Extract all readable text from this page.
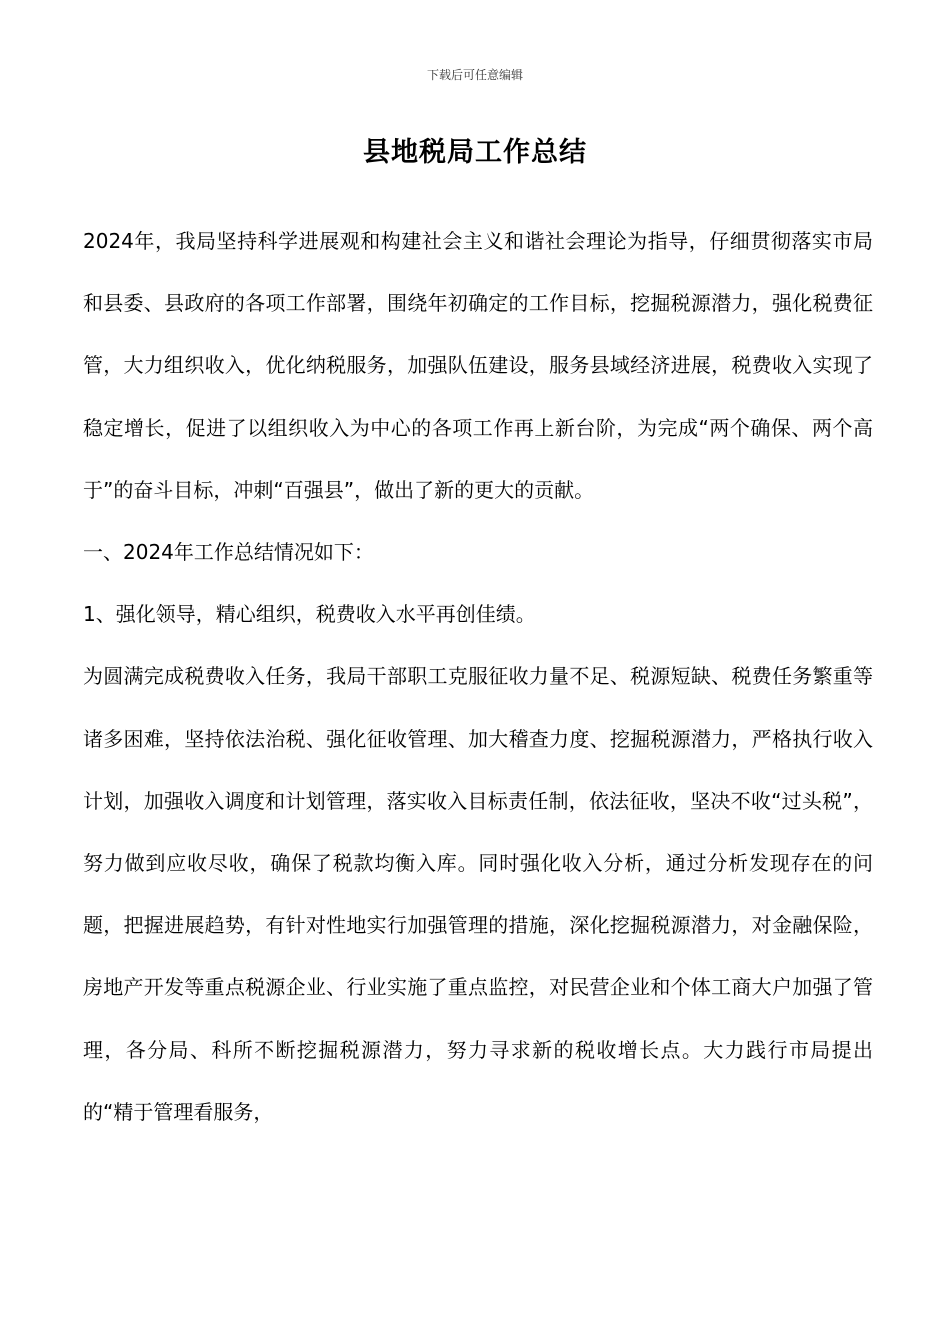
下载后可任意编辑
县地税局工作总结

2024年，我局坚持科学进展观和构建社会主义和谐社会理论为指导，仔细贯彻落实市局和县委、县政府的各项工作部署，围绕年初确定的工作目标，挖掘税源潜力，强化税费征管，大力组织收入，优化纳税服务，加强队伍建设，服务县域经济进展，税费收入实现了稳定增长，促进了以组织收入为中心的各项工作再上新台阶，为完成“两个确保、两个高于”的奋斗目标，冲刺“百强县”，做出了新的更大的贡献。

一、2024年工作总结情况如下：

1、强化领导，精心组织，税费收入水平再创佳绩。

为圆满完成税费收入任务，我局干部职工克服征收力量不足、税源短缺、税费任务繁重等诸多困难，坚持依法治税、强化征收管理、加大稽查力度、挖掘税源潜力，严格执行收入计划，加强收入调度和计划管理，落实收入目标责任制，依法征收，坚决不收“过头税”，努力做到应收尽收，确保了税款均衡入库。同时强化收入分析，通过分析发现存在的问题，把握进展趋势，有针对性地实行加强管理的措施，深化挖掘税源潜力，对金融保险，房地产开发等重点税源企业、行业实施了重点监控，对民营企业和个体工商大户加强了管理，各分局、科所不断挖掘税源潜力，努力寻求新的税收增长点。大力践行市局提出的“精于管理看服务，
